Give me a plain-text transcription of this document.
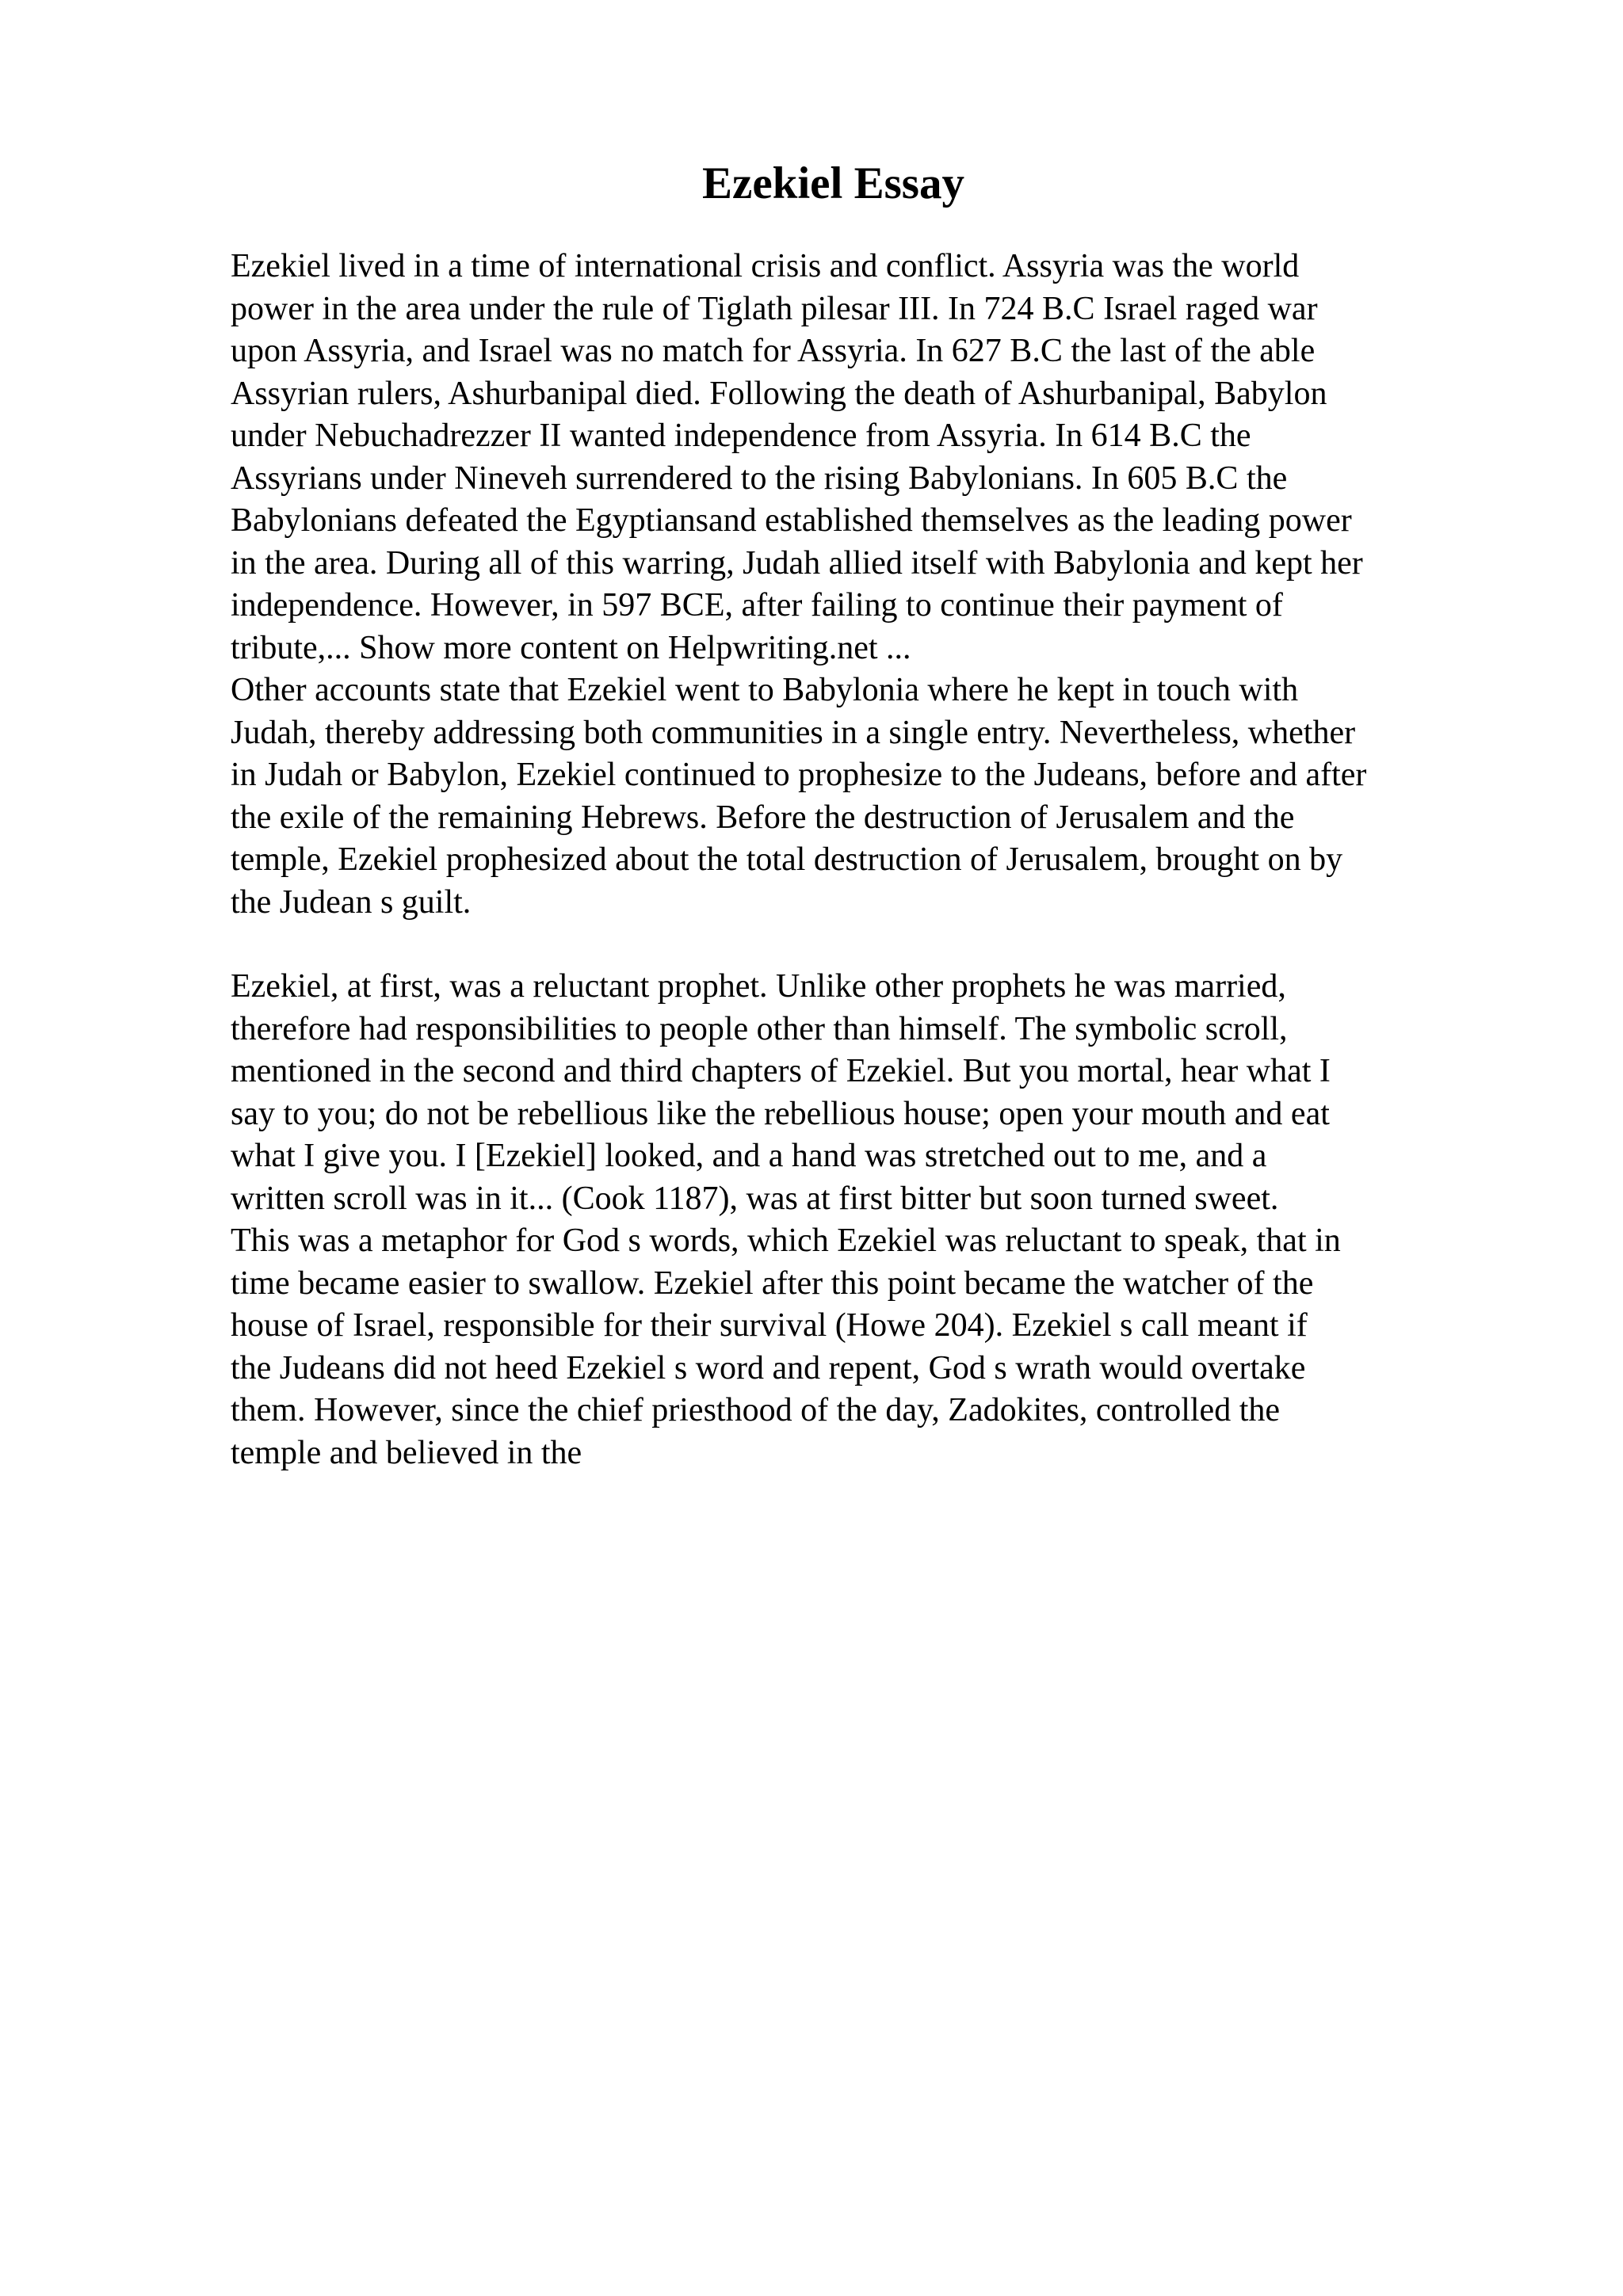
Ezekiel Essay

Ezekiel lived in a time of international crisis and conflict. Assyria was the world
power in the area under the rule of Tiglath pilesar III. In 724 B.C Israel raged war
upon Assyria, and Israel was no match for Assyria. In 627 B.C the last of the able
Assyrian rulers, Ashurbanipal died. Following the death of Ashurbanipal, Babylon
under Nebuchadrezzer II wanted independence from Assyria. In 614 B.C the
Assyrians under Nineveh surrendered to the rising Babylonians. In 605 B.C the
Babylonians defeated the Egyptiansand established themselves as the leading power
in the area. During all of this warring, Judah allied itself with Babylonia and kept her
independence. However, in 597 BCE, after failing to continue their payment of
tribute,... Show more content on Helpwriting.net ...

Other accounts state that Ezekiel went to Babylonia where he kept in touch with
Judah, thereby addressing both communities in a single entry. Nevertheless, whether
in Judah or Babylon, Ezekiel continued to prophesize to the Judeans, before and after
the exile of the remaining Hebrews. Before the destruction of Jerusalem and the
temple, Ezekiel prophesized about the total destruction of Jerusalem, brought on by
the Judean s guilt.

Ezekiel, at first, was a reluctant prophet. Unlike other prophets he was married,
therefore had responsibilities to people other than himself. The symbolic scroll,
mentioned in the second and third chapters of Ezekiel. But you mortal, hear what I
say to you; do not be rebellious like the rebellious house; open your mouth and eat
what I give you. I [Ezekiel] looked, and a hand was stretched out to me, and a
written scroll was in it... (Cook 1187), was at first bitter but soon turned sweet.
This was a metaphor for God s words, which Ezekiel was reluctant to speak, that in
time became easier to swallow. Ezekiel after this point became the watcher of the
house of Israel, responsible for their survival (Howe 204). Ezekiel s call meant if
the Judeans did not heed Ezekiel s word and repent, God s wrath would overtake
them. However, since the chief priesthood of the day, Zadokites, controlled the
temple and believed in the
